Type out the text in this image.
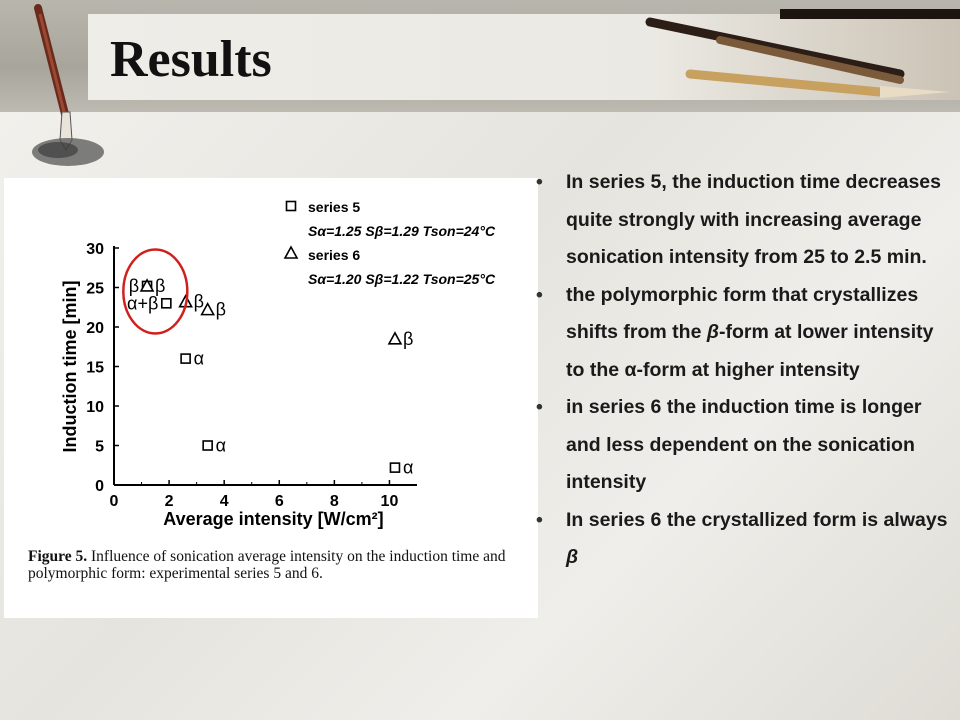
Results
0	2	4	6	8	10
0
5
10
15
20
25
30
Average intensity [W/cm²]
Induction time [min]	β
α+β
α
α
α
β β
β
β
series 5
Sα=1.25 Sβ=1.29 Tson=24°C
series 6
Sα=1.20 Sβ=1.22 Tson=25°C

Figure 5. Influence of sonication average intensity on the induction time and polymorphic form: experimental series 5 and 6.

• In series 5, the induction time decreases quite strongly with increasing average sonication intensity from 25 to 2.5 min.
• the polymorphic form that crystallizes shifts from the β-form at lower intensity to the α-form at higher intensity
• in series 6 the induction time is longer and less dependent on the sonication intensity
• In series 6 the crystallized form is always β
